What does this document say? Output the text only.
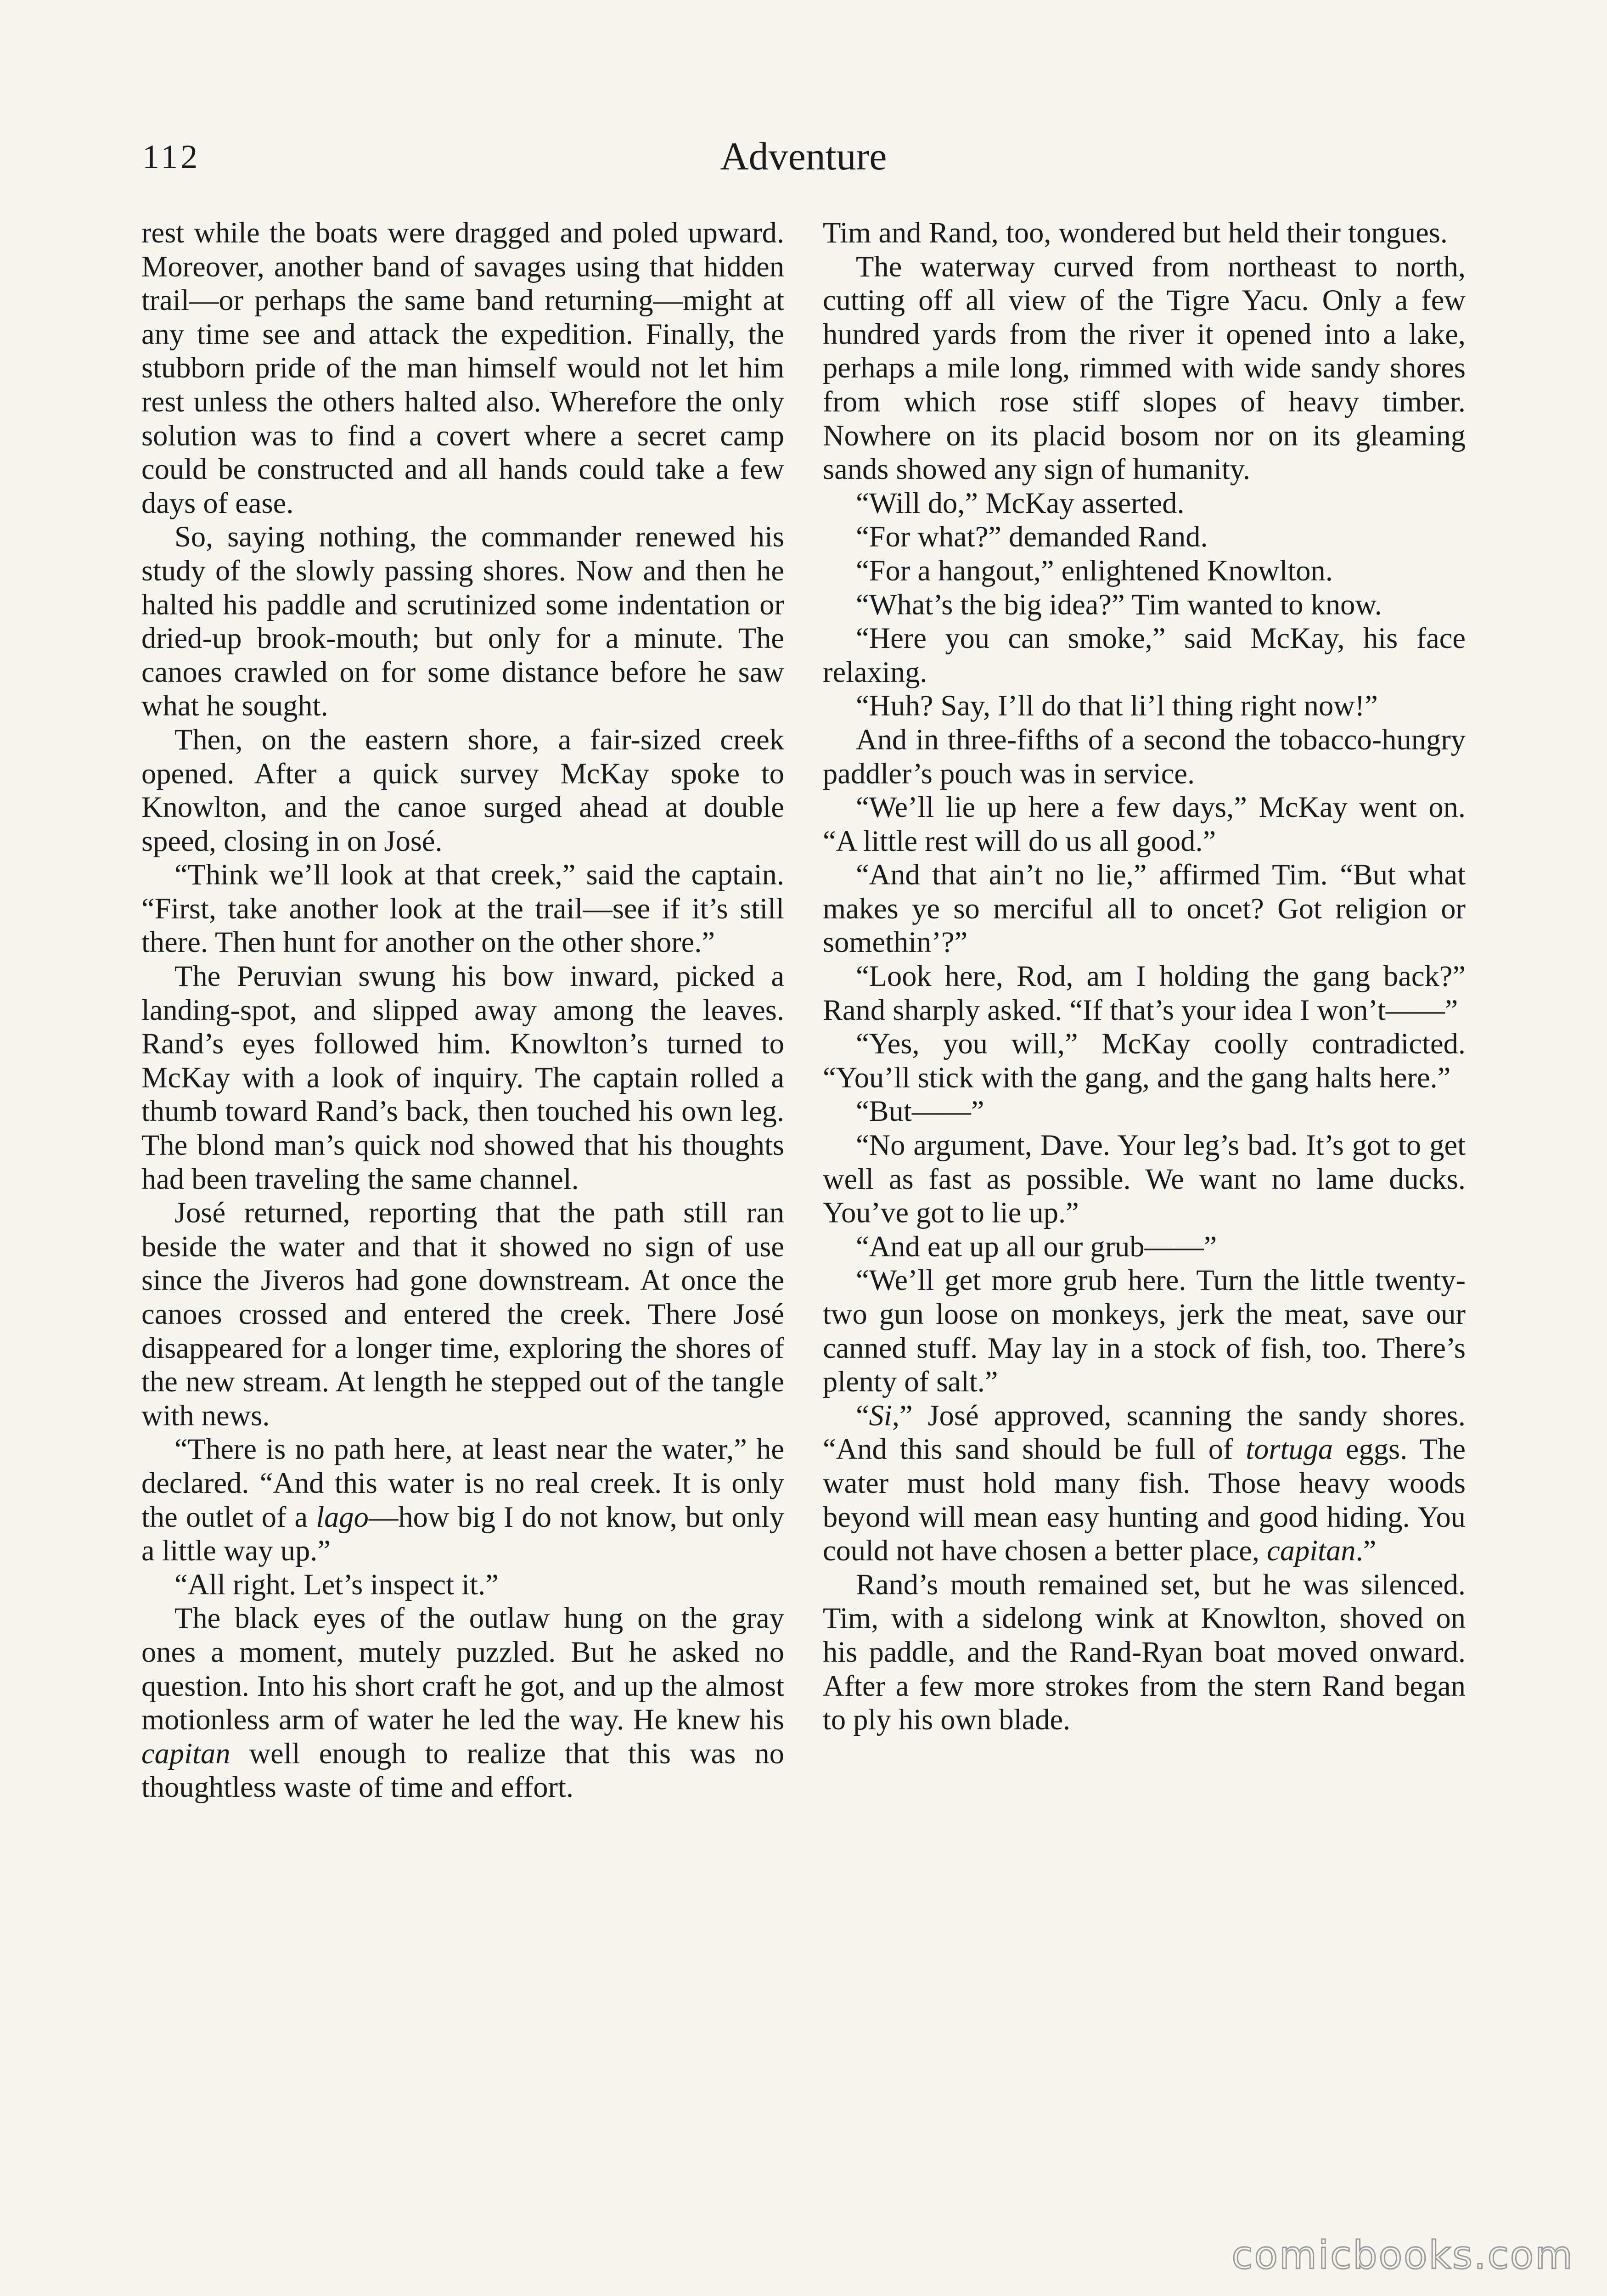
112	Adventure

rest while the boats were dragged and poled upward. Moreover, another band of savages using that hidden trail—or perhaps the same band returning—might at any time see and attack the expedition. Finally, the stubborn pride of the man himself would not let him rest unless the others halted also. Wherefore the only solution was to find a covert where a secret camp could be constructed and all hands could take a few days of ease.

So, saying nothing, the commander renewed his study of the slowly passing shores. Now and then he halted his paddle and scrutinized some indentation or dried-up brook-mouth; but only for a minute. The canoes crawled on for some distance before he saw what he sought.

Then, on the eastern shore, a fair-sized creek opened. After a quick survey McKay spoke to Knowlton, and the canoe surged ahead at double speed, closing in on José.

“Think we’ll look at that creek,” said the captain. “First, take another look at the trail—see if it’s still there. Then hunt for another on the other shore.”

The Peruvian swung his bow inward, picked a landing-spot, and slipped away among the leaves. Rand’s eyes followed him. Knowlton’s turned to McKay with a look of inquiry. The captain rolled a thumb toward Rand’s back, then touched his own leg. The blond man’s quick nod showed that his thoughts had been traveling the same channel.

José returned, reporting that the path still ran beside the water and that it showed no sign of use since the Jiveros had gone downstream. At once the canoes crossed and entered the creek. There José disappeared for a longer time, exploring the shores of the new stream. At length he stepped out of the tangle with news.

“There is no path here, at least near the water,” he declared. “And this water is no real creek. It is only the outlet of a lago—how big I do not know, but only a little way up.”

“All right. Let’s inspect it.”

The black eyes of the outlaw hung on the gray ones a moment, mutely puzzled. But he asked no question. Into his short craft he got, and up the almost motionless arm of water he led the way. He knew his capitan well enough to realize that this was no thoughtless waste of time and effort.

Tim and Rand, too, wondered but held their tongues.

The waterway curved from northeast to north, cutting off all view of the Tigre Yacu. Only a few hundred yards from the river it opened into a lake, perhaps a mile long, rimmed with wide sandy shores from which rose stiff slopes of heavy timber. Nowhere on its placid bosom nor on its gleaming sands showed any sign of humanity.

“Will do,” McKay asserted.

“For what?” demanded Rand.

“For a hangout,” enlightened Knowlton.

“What’s the big idea?” Tim wanted to know.

“Here you can smoke,” said McKay, his face relaxing.

“Huh? Say, I’ll do that li’l thing right now!”

And in three-fifths of a second the tobacco-hungry paddler’s pouch was in service.

“We’ll lie up here a few days,” McKay went on. “A little rest will do us all good.”

“And that ain’t no lie,” affirmed Tim. “But what makes ye so merciful all to oncet? Got religion or somethin’?”

“Look here, Rod, am I holding the gang back?” Rand sharply asked. “If that’s your idea I won’t——”

“Yes, you will,” McKay coolly contradicted. “You’ll stick with the gang, and the gang halts here.”

“But——”

“No argument, Dave. Your leg’s bad. It’s got to get well as fast as possible. We want no lame ducks. You’ve got to lie up.”

“And eat up all our grub——”

“We’ll get more grub here. Turn the little twenty-two gun loose on monkeys, jerk the meat, save our canned stuff. May lay in a stock of fish, too. There’s plenty of salt.”

“Si,” José approved, scanning the sandy shores. “And this sand should be full of tortuga eggs. The water must hold many fish. Those heavy woods beyond will mean easy hunting and good hiding. You could not have chosen a better place, capitan.”

Rand’s mouth remained set, but he was silenced. Tim, with a sidelong wink at Knowlton, shoved on his paddle, and the Rand-Ryan boat moved onward. After a few more strokes from the stern Rand began to ply his own blade.

comicbooks.com
